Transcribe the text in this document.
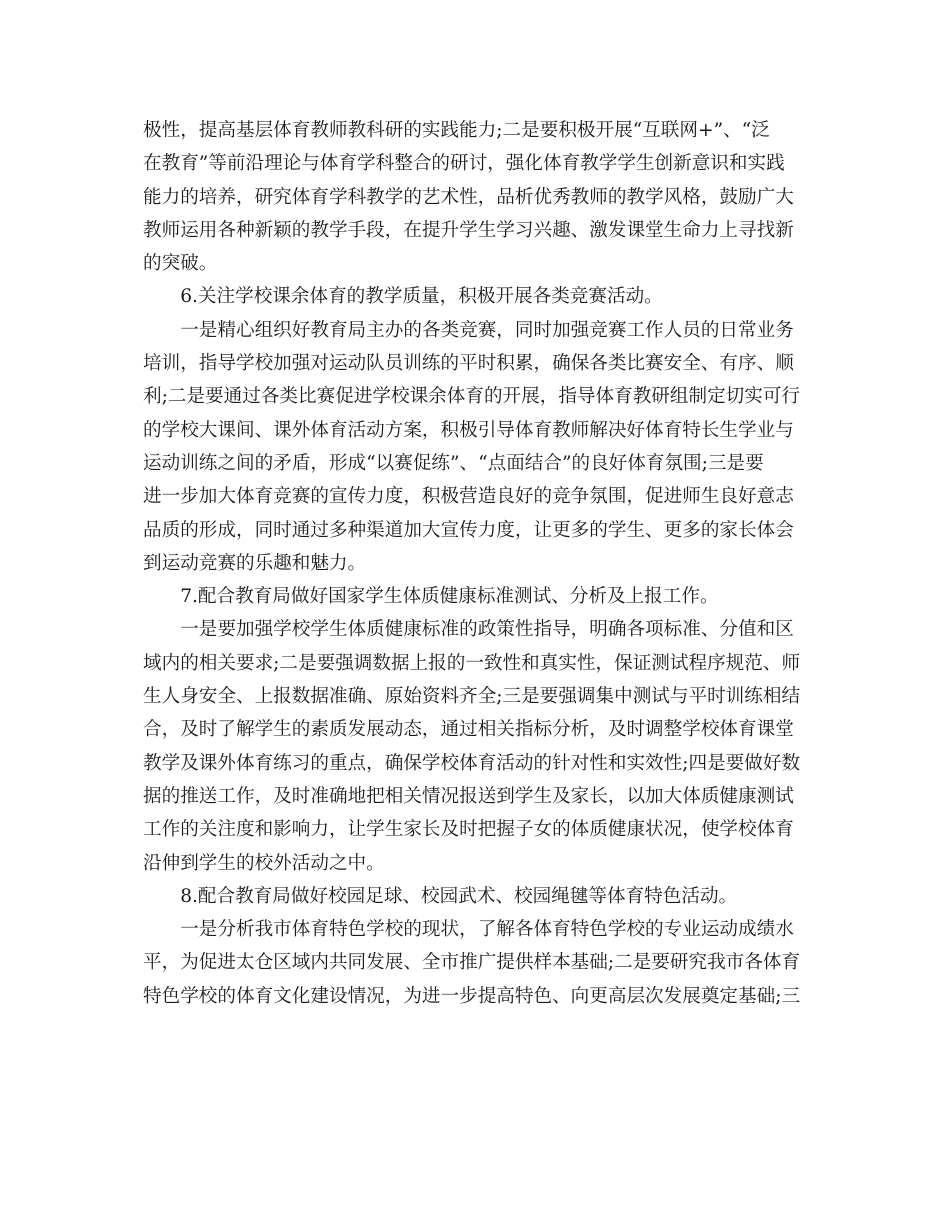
极性，提高基层体育教师教科研的实践能力;二是要积极开展“互联网+”、“泛
在教育”等前沿理论与体育学科整合的研讨，强化体育教学学生创新意识和实践
能力的培养，研究体育学科教学的艺术性，品析优秀教师的教学风格，鼓励广大
教师运用各种新颖的教学手段，在提升学生学习兴趣、激发课堂生命力上寻找新
的突破。
6.关注学校课余体育的教学质量，积极开展各类竞赛活动。
一是精心组织好教育局主办的各类竞赛，同时加强竞赛工作人员的日常业务
培训，指导学校加强对运动队员训练的平时积累，确保各类比赛安全、有序、顺
利;二是要通过各类比赛促进学校课余体育的开展，指导体育教研组制定切实可行
的学校大课间、课外体育活动方案，积极引导体育教师解决好体育特长生学业与
运动训练之间的矛盾，形成“以赛促练”、“点面结合”的良好体育氛围;三是要
进一步加大体育竞赛的宣传力度，积极营造良好的竞争氛围，促进师生良好意志
品质的形成，同时通过多种渠道加大宣传力度，让更多的学生、更多的家长体会
到运动竞赛的乐趣和魅力。
7.配合教育局做好国家学生体质健康标准测试、分析及上报工作。
一是要加强学校学生体质健康标准的政策性指导，明确各项标准、分值和区
域内的相关要求;二是要强调数据上报的一致性和真实性，保证测试程序规范、师
生人身安全、上报数据准确、原始资料齐全;三是要强调集中测试与平时训练相结
合，及时了解学生的素质发展动态，通过相关指标分析，及时调整学校体育课堂
教学及课外体育练习的重点，确保学校体育活动的针对性和实效性;四是要做好数
据的推送工作，及时准确地把相关情况报送到学生及家长，以加大体质健康测试
工作的关注度和影响力，让学生家长及时把握子女的体质健康状况，使学校体育
沿伸到学生的校外活动之中。
8.配合教育局做好校园足球、校园武术、校园绳毽等体育特色活动。
一是分析我市体育特色学校的现状，了解各体育特色学校的专业运动成绩水
平，为促进太仓区域内共同发展、全市推广提供样本基础;二是要研究我市各体育
特色学校的体育文化建设情况，为进一步提高特色、向更高层次发展奠定基础;三
